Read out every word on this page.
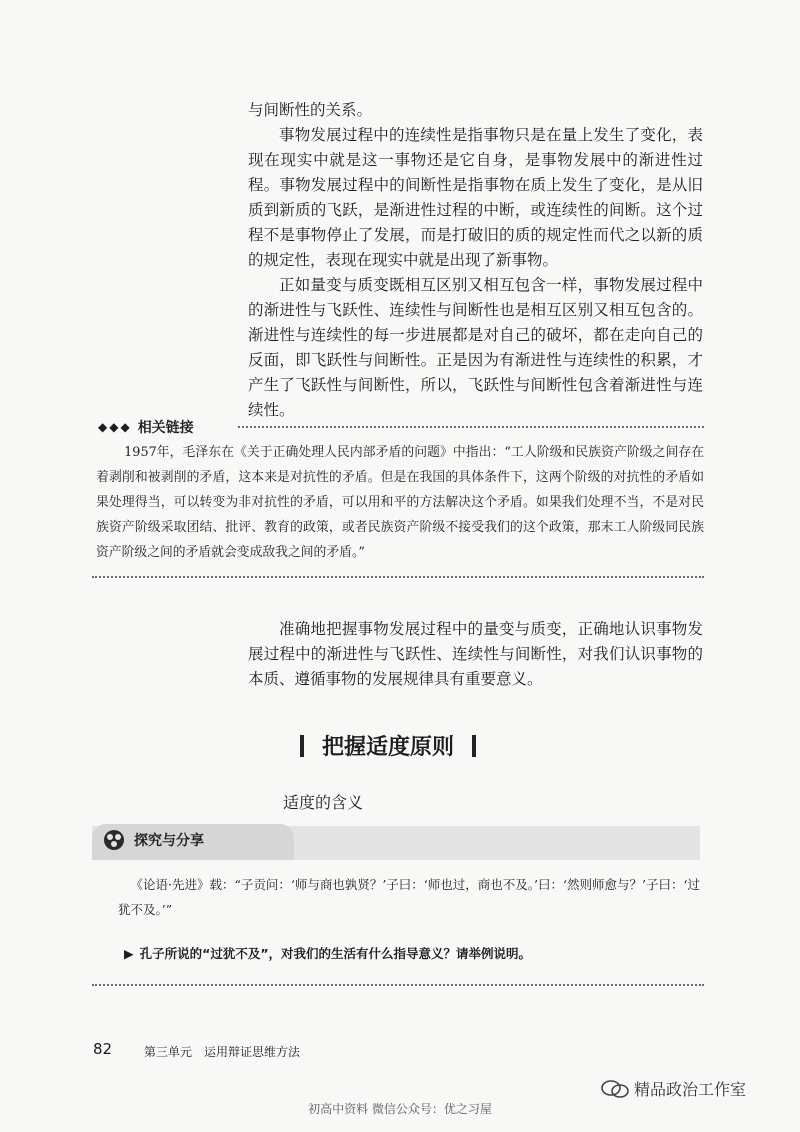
与间断性的关系。

事物发展过程中的连续性是指事物只是在量上发生了变化，表现在现实中就是这一事物还是它自身，是事物发展中的渐进性过程。事物发展过程中的间断性是指事物在质上发生了变化，是从旧质到新质的飞跃，是渐进性过程的中断，或连续性的间断。这个过程不是事物停止了发展，而是打破旧的质的规定性而代之以新的质的规定性，表现在现实中就是出现了新事物。

正如量变与质变既相互区别又相互包含一样，事物发展过程中的渐进性与飞跃性、连续性与间断性也是相互区别又相互包含的。渐进性与连续性的每一步进展都是对自己的破坏，都在走向自己的反面，即飞跃性与间断性。正是因为有渐进性与连续性的积累，才产生了飞跃性与间断性，所以，飞跃性与间断性包含着渐进性与连续性。

◆◆◆ 相关链接

1957年，毛泽东在《关于正确处理人民内部矛盾的问题》中指出：“工人阶级和民族资产阶级之间存在着剥削和被剥削的矛盾，这本来是对抗性的矛盾。但是在我国的具体条件下，这两个阶级的对抗性的矛盾如果处理得当，可以转变为非对抗性的矛盾，可以用和平的方法解决这个矛盾。如果我们处理不当，不是对民族资产阶级采取团结、批评、教育的政策，或者民族资产阶级不接受我们的这个政策，那末工人阶级同民族资产阶级之间的矛盾就会变成敌我之间的矛盾。”

准确地把握事物发展过程中的量变与质变，正确地认识事物发展过程中的渐进性与飞跃性、连续性与间断性，对我们认识事物的本质、遵循事物的发展规律具有重要意义。

把握适度原则
适度的含义
探究与分享

《论语·先进》载：“子贡问：‘师与商也孰贤？’子曰：‘师也过，商也不及。’曰：‘然则师愈与？’子曰：‘过犹不及。’”

▶ 孔子所说的“过犹不及”，对我们的生活有什么指导意义？请举例说明。
82	第三单元　运用辩证思维方法
精品政治工作室
初高中资料 微信公众号：优之习屋
